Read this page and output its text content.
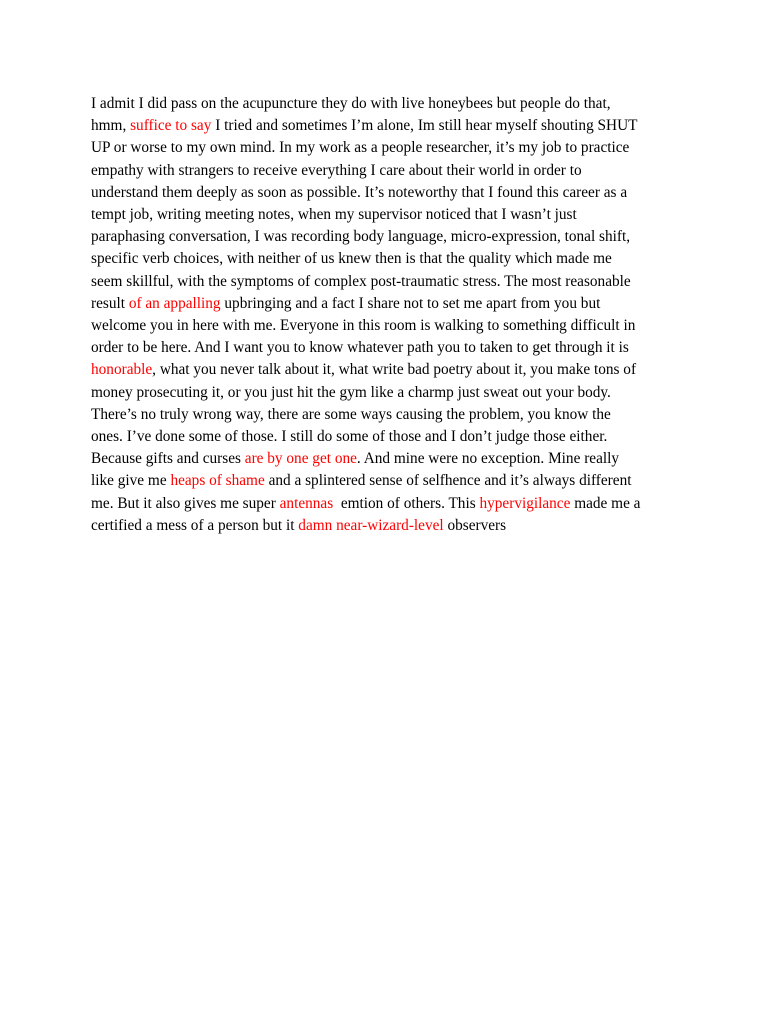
I admit I did pass on the acupuncture they do with live honeybees but people do that,
hmm, suffice to say I tried and sometimes I’m alone, Im still hear myself shouting SHUT
UP or worse to my own mind. In my work as a people researcher, it’s my job to practice
empathy with strangers to receive everything I care about their world in order to
understand them deeply as soon as possible. It’s noteworthy that I found this career as a
tempt job, writing meeting notes, when my supervisor noticed that I wasn’t just
paraphasing conversation, I was recording body language, micro-expression, tonal shift,
specific verb choices, with neither of us knew then is that the quality which made me
seem skillful, with the symptoms of complex post-traumatic stress. The most reasonable
result of an appalling upbringing and a fact I share not to set me apart from you but
welcome you in here with me. Everyone in this room is walking to something difficult in
order to be here. And I want you to know whatever path you to taken to get through it is
honorable, what you never talk about it, what write bad poetry about it, you make tons of
money prosecuting it, or you just hit the gym like a charmp just sweat out your body.
There’s no truly wrong way, there are some ways causing the problem, you know the
ones. I’ve done some of those. I still do some of those and I don’t judge those either.
Because gifts and curses are by one get one. And mine were no exception. Mine really
like give me heaps of shame and a splintered sense of selfhence and it’s always different
me. But it also gives me super antennas  emtion of others. This hypervigilance made me a
certified a mess of a person but it damn near-wizard-level observers
